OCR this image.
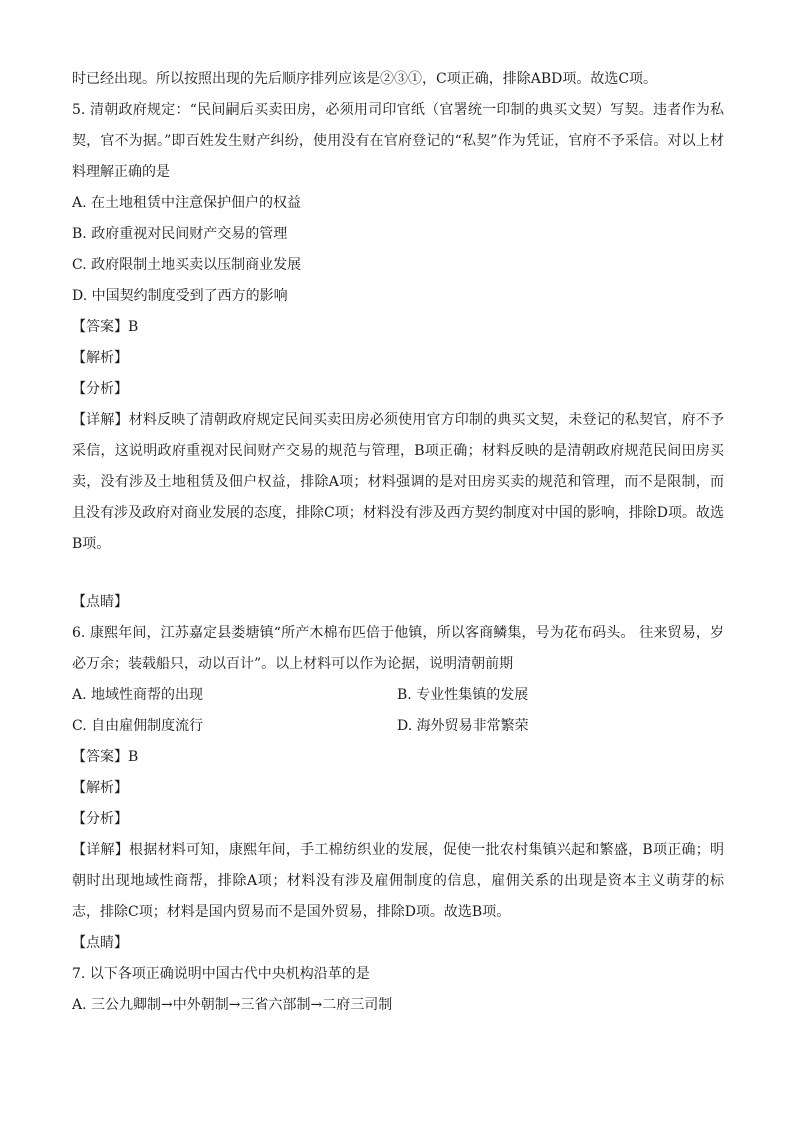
时已经出现。所以按照出现的先后顺序排列应该是②③①，C项正确，排除ABD项。故选C项。
5. 清朝政府规定：“民间嗣后买卖田房，必须用司印官纸（官署统一印制的典买文契）写契。违者作为私契，官不为据。”即百姓发生财产纠纷，使用没有在官府登记的“私契”作为凭证，官府不予采信。对以上材料理解正确的是
A. 在土地租赁中注意保护佃户的权益
B. 政府重视对民间财产交易的管理
C. 政府限制土地买卖以压制商业发展
D. 中国契约制度受到了西方的影响
【答案】B
【解析】
【分析】
【详解】材料反映了清朝政府规定民间买卖田房必须使用官方印制的典买文契，未登记的私契官，府不予采信，这说明政府重视对民间财产交易的规范与管理，B项正确；材料反映的是清朝政府规范民间田房买卖，没有涉及土地租赁及佃户权益，排除A项；材料强调的是对田房买卖的规范和管理，而不是限制，而且没有涉及政府对商业发展的态度，排除C项；材料没有涉及西方契约制度对中国的影响，排除D项。故选B项。
【点睛】
6. 康熙年间，江苏嘉定县娄塘镇“所产木棉布匹倍于他镇，所以客商鳞集，号为花布码头。 往来贸易，岁必万余；装载船只，动以百计”。以上材料可以作为论据，说明清朝前期
A. 地域性商帮的出现	B. 专业性集镇的发展
C. 自由雇佣制度流行	D. 海外贸易非常繁荣
【答案】B
【解析】
【分析】
【详解】根据材料可知，康熙年间，手工棉纺织业的发展，促使一批农村集镇兴起和繁盛，B项正确；明朝时出现地域性商帮，排除A项；材料没有涉及雇佣制度的信息，雇佣关系的出现是资本主义萌芽的标志，排除C项；材料是国内贸易而不是国外贸易，排除D项。故选B项。
【点睛】
7. 以下各项正确说明中国古代中央机构沿革的是
A. 三公九卿制→中外朝制→三省六部制→二府三司制
